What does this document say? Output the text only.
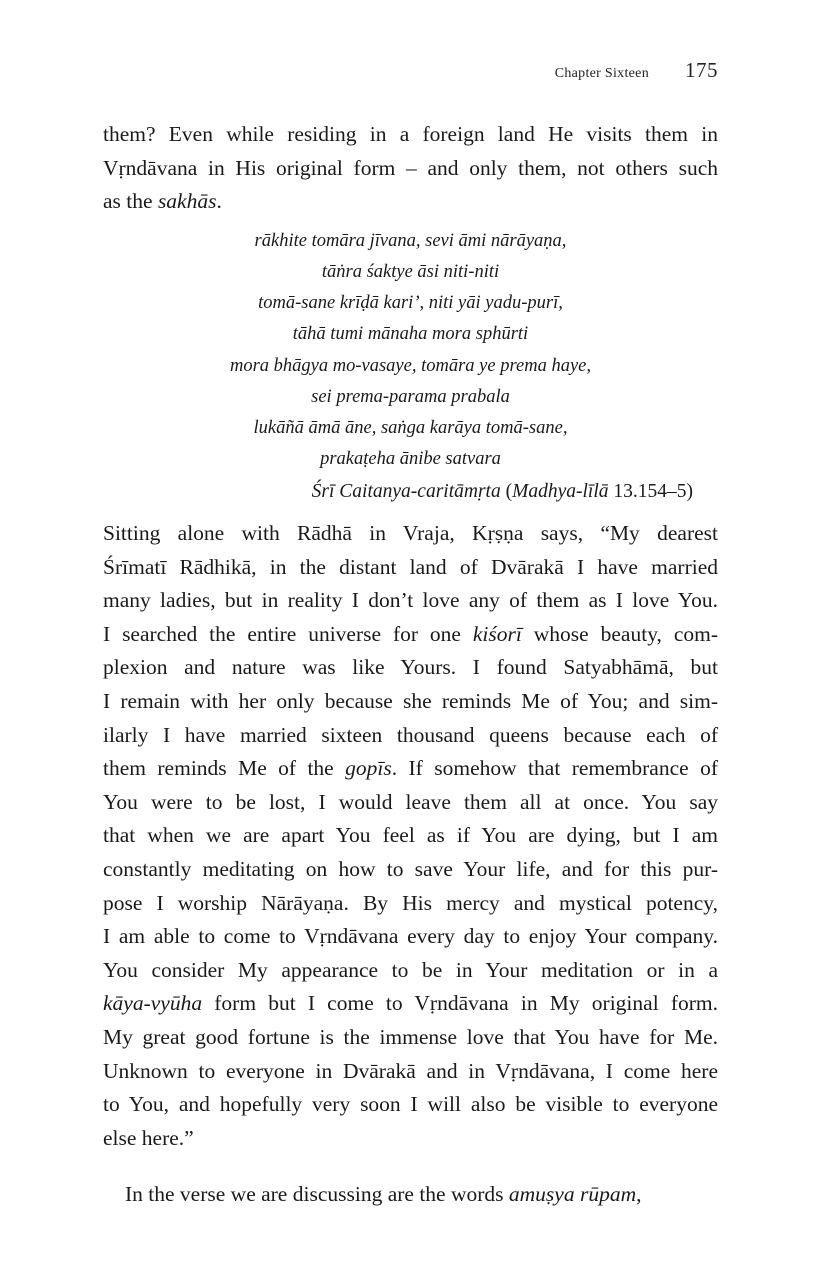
Chapter Sixteen 175

them? Even while residing in a foreign land He visits them in
Vṛndāvana in His original form – and only them, not others such
as the sakhās.

rākhite tomāra jīvana, sevi āmi nārāyaṇa,
tāṅra śaktye āsi niti-niti
tomā-sane krīḍā kari’, niti yāi yadu-purī,
tāhā tumi mānaha mora sphūrti
mora bhāgya mo-vasaye, tomāra ye prema haye,
sei prema-parama prabala
lukāñā āmā āne, saṅga karāya tomā-sane,
prakaṭeha ānibe satvara
Śrī Caitanya-caritāmṛta (Madhya-līlā 13.154–5)

Sitting alone with Rādhā in Vraja, Kṛṣṇa says, “My dearest
Śrīmatī Rādhikā, in the distant land of Dvārakā I have married
many ladies, but in reality I don’t love any of them as I love You.
I searched the entire universe for one kiśorī whose beauty, com-
plexion and nature was like Yours. I found Satyabhāmā, but
I remain with her only because she reminds Me of You; and sim-
ilarly I have married sixteen thousand queens because each of
them reminds Me of the gopīs. If somehow that remembrance of
You were to be lost, I would leave them all at once. You say
that when we are apart You feel as if You are dying, but I am
constantly meditating on how to save Your life, and for this pur-
pose I worship Nārāyaṇa. By His mercy and mystical potency,
I am able to come to Vṛndāvana every day to enjoy Your company.
You consider My appearance to be in Your meditation or in a
kāya-vyūha form but I come to Vṛndāvana in My original form.
My great good fortune is the immense love that You have for Me.
Unknown to everyone in Dvārakā and in Vṛndāvana, I come here
to You, and hopefully very soon I will also be visible to everyone
else here.”

In the verse we are discussing are the words amuṣya rūpam,
